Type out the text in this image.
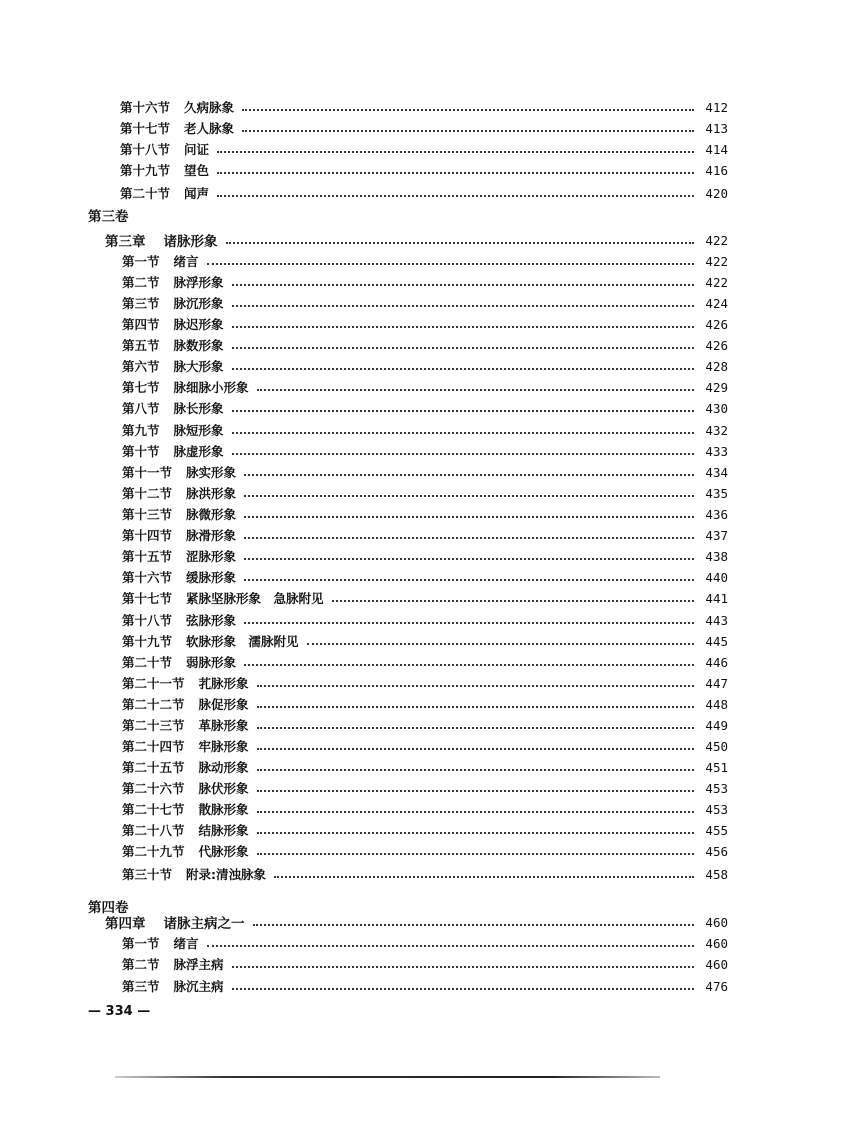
第十六节 久病脉象	412
第十七节 老人脉象	413
第十八节 问证	414
第十九节 望色	416
第二十节 闻声	420
第三卷
第三章 诸脉形象	422
第一节 绪言	422
第二节 脉浮形象	422
第三节 脉沉形象	424
第四节 脉迟形象	426
第五节 脉数形象	426
第六节 脉大形象	428
第七节 脉细脉小形象	429
第八节 脉长形象	430
第九节 脉短形象	432
第十节 脉虚形象	433
第十一节 脉实形象	434
第十二节 脉洪形象	435
第十三节 脉微形象	436
第十四节 脉滑形象	437
第十五节 涩脉形象	438
第十六节 缓脉形象	440
第十七节 紧脉坚脉形象　急脉附见	441
第十八节 弦脉形象	443
第十九节 软脉形象　濡脉附见	445
第二十节 弱脉形象	446
第二十一节 芤脉形象	447
第二十二节 脉促形象	448
第二十三节 革脉形象	449
第二十四节 牢脉形象	450
第二十五节 脉动形象	451
第二十六节 脉伏形象	453
第二十七节 散脉形象	453
第二十八节 结脉形象	455
第二十九节 代脉形象	456
第三十节 附录:清浊脉象	458
第四卷
第四章 诸脉主病之一	460
第一节 绪言	460
第二节 脉浮主病	460
第三节 脉沉主病	476
— 334 —
